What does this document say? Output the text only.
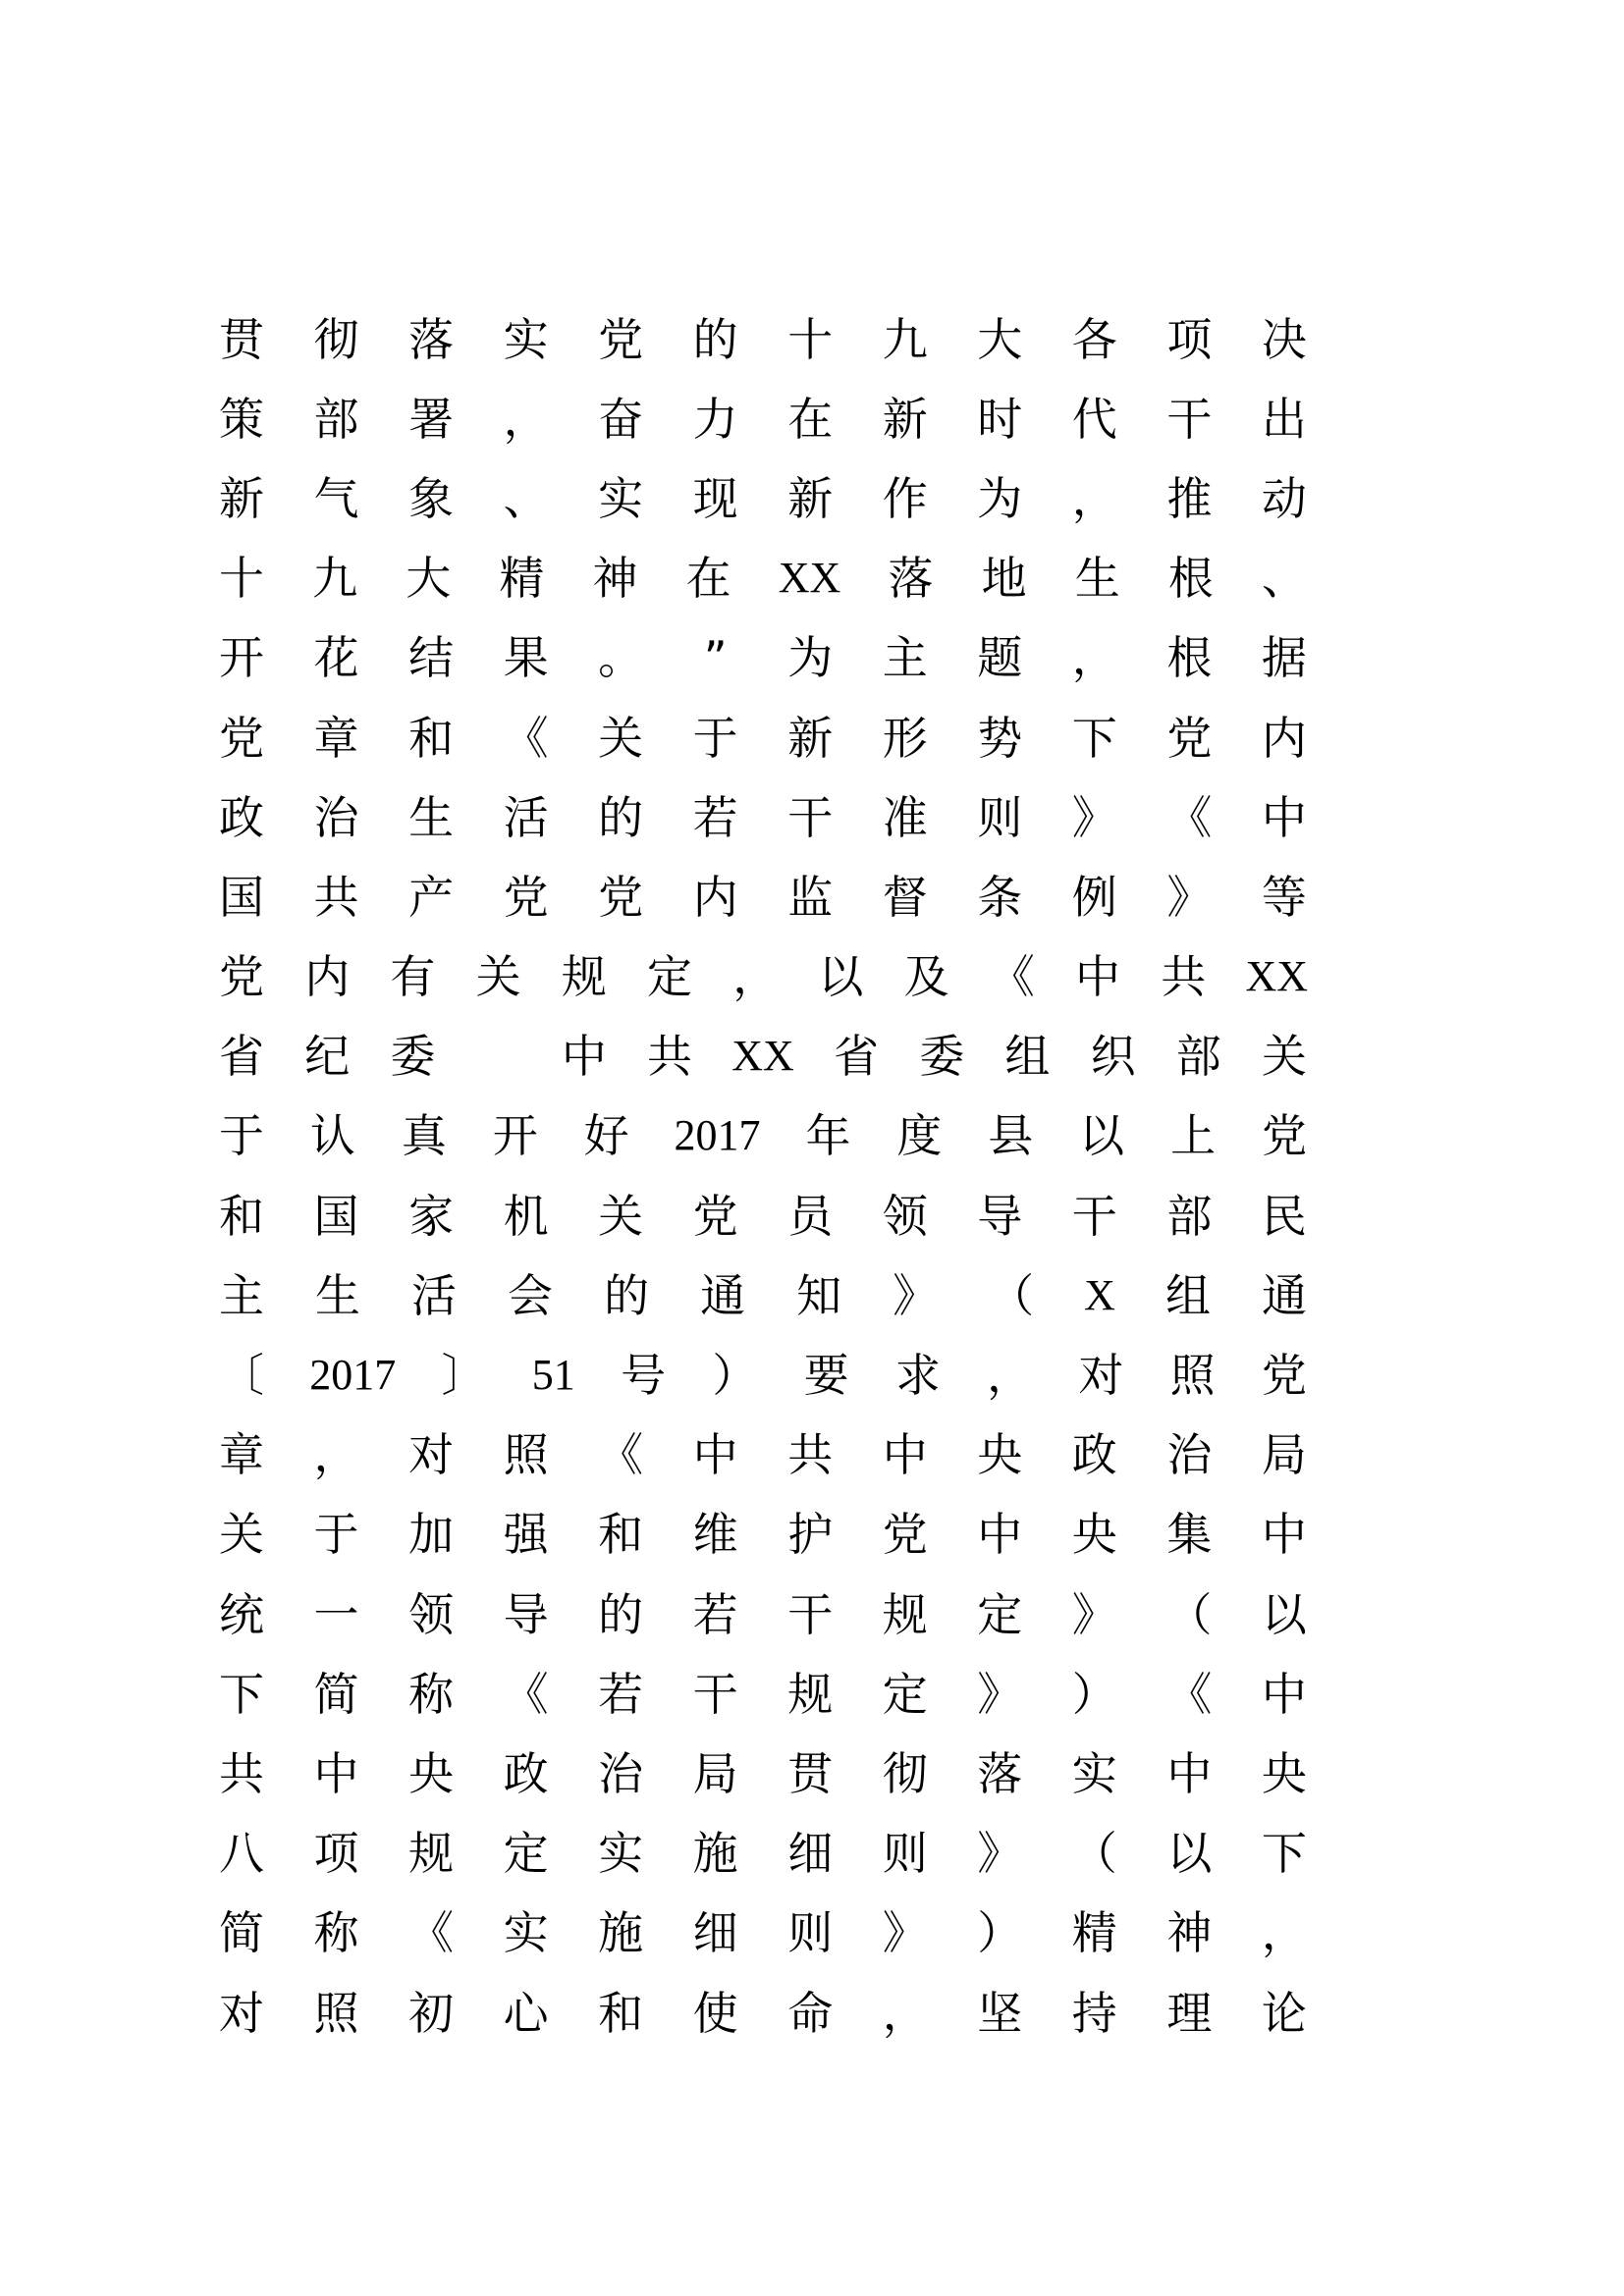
贯 彻 落 实 党 的 十 九 大 各 项 决
策 部 署 ， 奋 力 在 新 时 代 干 出
新 气 象 、 实 现 新 作 为 ， 推 动
十 九 大 精 神 在 XX 落 地 生 根 、
开 花 结 果 。 ” 为 主 题 ， 根 据
党 章 和 《 关 于 新 形 势 下 党 内
政 治 生 活 的 若 干 准 则 》 《 中
国 共 产 党 党 内 监 督 条 例 》 等
党 内 有 关 规 定 ， 以 及 《 中 共 XX
省 纪 委
	中 共 XX 省 委 组 织 部 关
于 认 真 开 好 2017 年 度 县 以 上 党
和 国 家 机 关 党 员 领 导 干 部 民
主 生 活 会 的 通 知 》 （ X 组 通
〔 2017 〕 51 号 ） 要 求 ， 对 照 党
章 ， 对 照 《 中 共 中 央 政 治 局
关 于 加 强 和 维 护 党 中 央 集 中
统 一 领 导 的 若 干 规 定 》 （ 以
下 简 称 《 若 干 规 定 》 ） 《 中
共 中 央 政 治 局 贯 彻 落 实 中 央
八 项 规 定 实 施 细 则 》 （ 以 下
简 称 《 实 施 细 则 》 ） 精 神 ，
对 照 初 心 和 使 命 ， 坚 持 理 论
